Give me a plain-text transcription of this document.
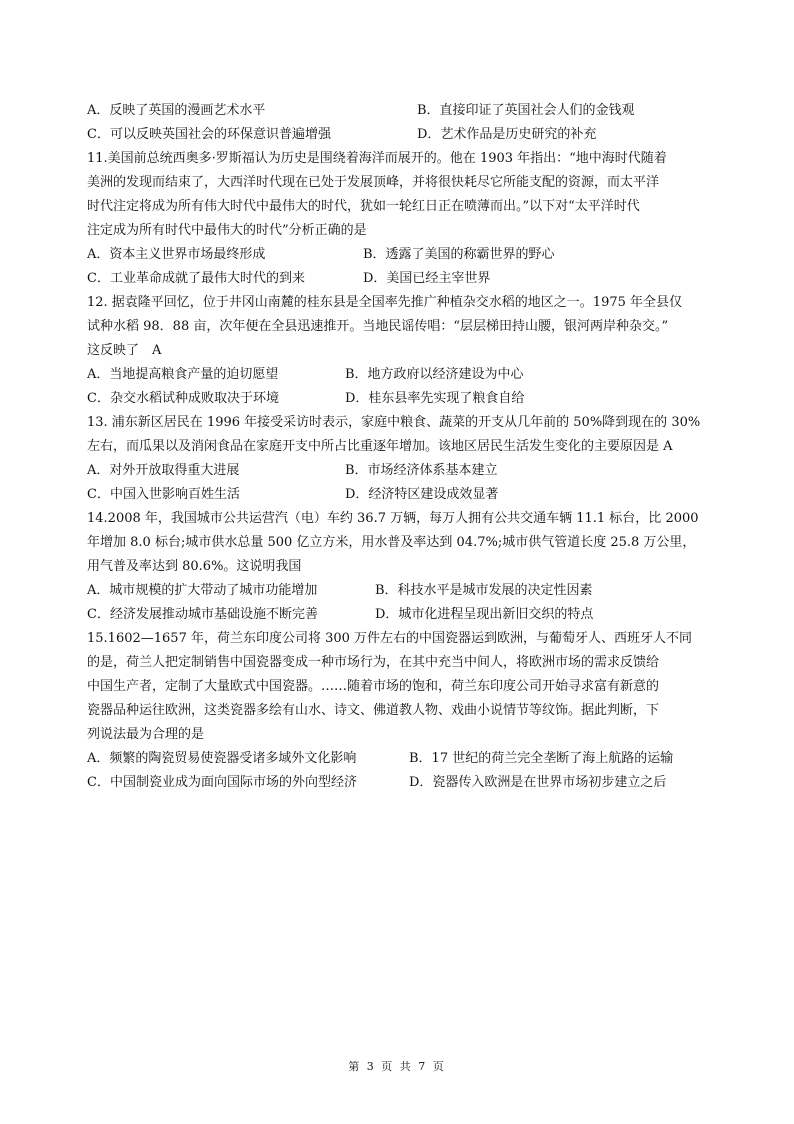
A．反映了英国的漫画艺术水平	B．直接印证了英国社会人们的金钱观
C．可以反映英国社会的环保意识普遍增强	D．艺术作品是历史研究的补充
11.美国前总统西奥多·罗斯福认为历史是围绕着海洋而展开的。他在 1903 年指出：“地中海时代随着
美洲的发现而结束了，大西洋时代现在已处于发展顶峰，并将很快耗尽它所能支配的资源，而太平洋
时代注定将成为所有伟大时代中最伟大的时代，犹如一轮红日正在喷薄而出。”以下对“太平洋时代
注定成为所有时代中最伟大的时代”分析正确的是
A．资本主义世界市场最终形成	B．透露了美国的称霸世界的野心
C．工业革命成就了最伟大时代的到来	D．美国已经主宰世界
12. 据袁隆平回忆，位于井冈山南麓的桂东县是全国率先推广种植杂交水稻的地区之一。1975 年全县仅
试种水稻 98．88 亩，次年便在全县迅速推开。当地民谣传唱：“层层梯田持山腰，银河两岸种杂交。”
这反映了　A
A．当地提高粮食产量的迫切愿望	B．地方政府以经济建设为中心
C．杂交水稻试种成败取决于环境	D．桂东县率先实现了粮食自给
13. 浦东新区居民在 1996 年接受采访时表示，家庭中粮食、蔬菜的开支从几年前的 50%降到现在的 30%
左右，而瓜果以及消闲食品在家庭开支中所占比重逐年增加。该地区居民生活发生变化的主要原因是 A
A．对外开放取得重大进展	B．市场经济体系基本建立
C．中国入世影响百姓生活	D．经济特区建设成效显著
14.2008 年，我国城市公共运营汽（电）车约 36.7 万辆，每万人拥有公共交通车辆 11.1 标台，比 2000
年增加 8.0 标台;城市供水总量 500 亿立方米，用水普及率达到 04.7%;城市供气管道长度 25.8 万公里，
用气普及率达到 80.6%。这说明我国
A．城市规模的扩大带动了城市功能增加	B．科技水平是城市发展的决定性因素
C．经济发展推动城市基础设施不断完善	D．城市化进程呈现出新旧交织的特点
15.1602—1657 年，荷兰东印度公司将 300 万件左右的中国瓷器运到欧洲，与葡萄牙人、西班牙人不同
的是，荷兰人把定制销售中国瓷器变成一种市场行为，在其中充当中间人，将欧洲市场的需求反馈给
中国生产者，定制了大量欧式中国瓷器。……随着市场的饱和，荷兰东印度公司开始寻求富有新意的
瓷器品种运往欧洲，这类瓷器多绘有山水、诗文、佛道教人物、戏曲小说情节等纹饰。据此判断，下
列说法最为合理的是
A．频繁的陶瓷贸易使瓷器受诸多域外文化影响	B．17 世纪的荷兰完全垄断了海上航路的运输
C．中国制瓷业成为面向国际市场的外向型经济	D．瓷器传入欧洲是在世界市场初步建立之后
第 3 页 共 7 页
